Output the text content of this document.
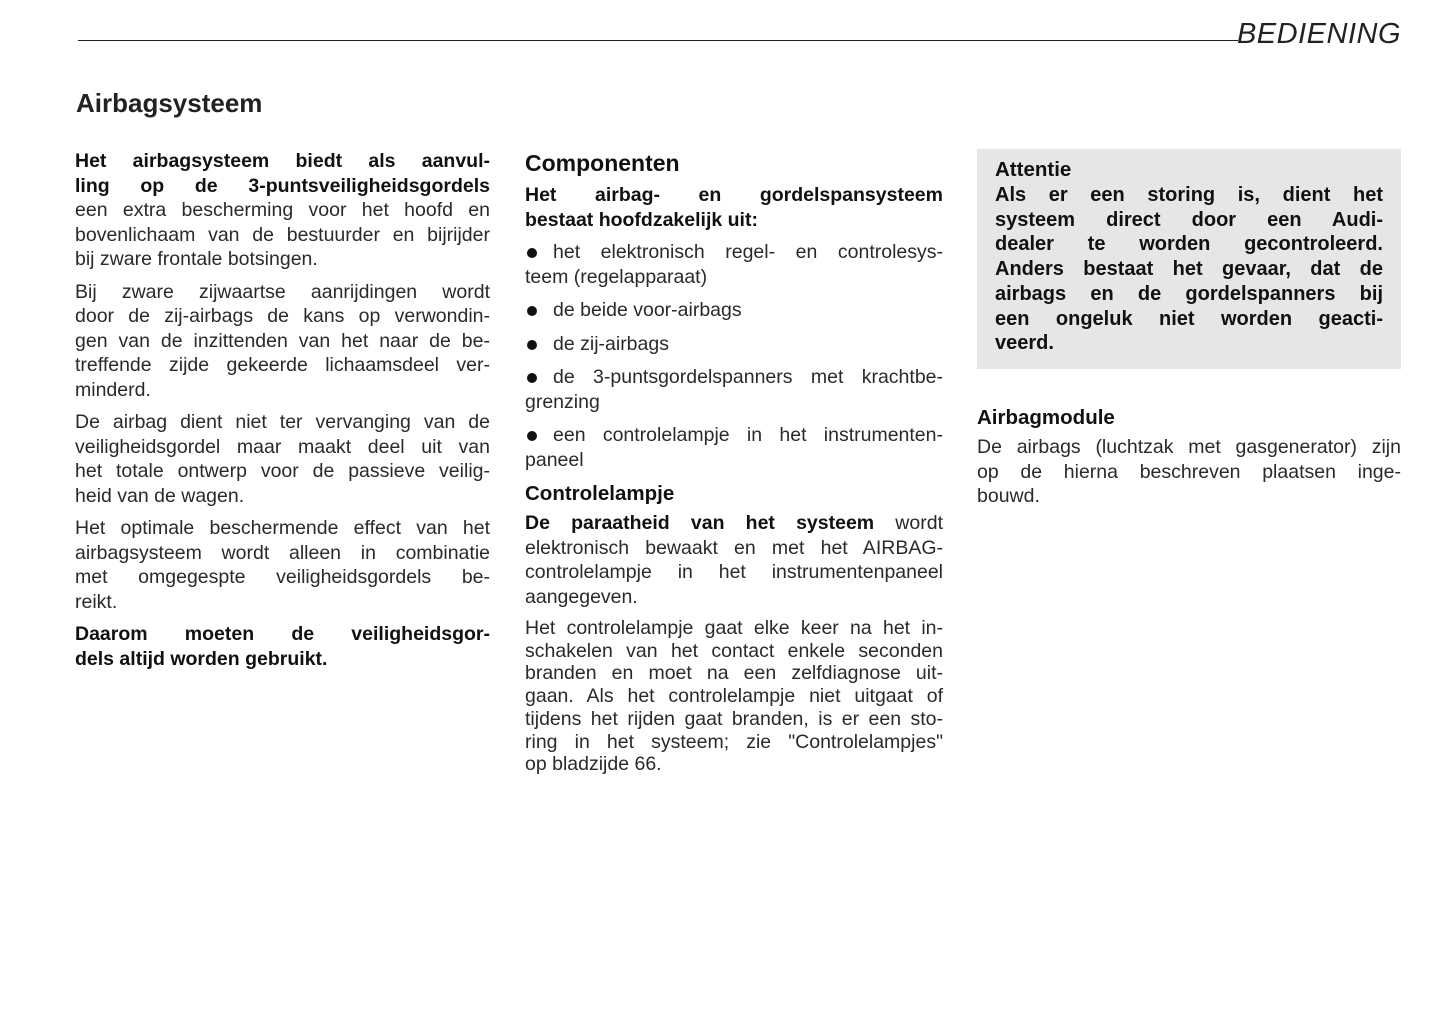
BEDIENING
Airbagsysteem
Het airbagsysteem biedt als aanvul-
ling op de 3-puntsveiligheidsgordels
een extra bescherming voor het hoofd en
bovenlichaam van de bestuurder en bijrijder
bij zware frontale botsingen.
Bij zware zijwaartse aanrijdingen wordt
door de zij-airbags de kans op verwondin-
gen van de inzittenden van het naar de be-
treffende zijde gekeerde lichaamsdeel ver-
minderd.
De airbag dient niet ter vervanging van de
veiligheidsgordel maar maakt deel uit van
het totale ontwerp voor de passieve veilig-
heid van de wagen.
Het optimale beschermende effect van het
airbagsysteem wordt alleen in combinatie
met omgegespte veiligheidsgordels be-
reikt.
Daarom moeten de veiligheidsgor-
dels altijd worden gebruikt.
Componenten
Het airbag- en gordelspansysteem
bestaat hoofdzakelijk uit:
het elektronisch regel- en controlesys-
teem (regelapparaat)
de beide voor-airbags
de zij-airbags
de 3-puntsgordelspanners met krachtbe-
grenzing
een controlelampje in het instrumenten-
paneel
Controlelampje
De paraatheid van het systeem wordt
elektronisch bewaakt en met het AIRBAG-
controlelampje in het instrumentenpaneel
aangegeven.
Het controlelampje gaat elke keer na het in-
schakelen van het contact enkele seconden
branden en moet na een zelfdiagnose uit-
gaan. Als het controlelampje niet uitgaat of
tijdens het rijden gaat branden, is er een sto-
ring in het systeem; zie "Controlelampjes"
op bladzijde 66.
Attentie
Als er een storing is, dient het
systeem direct door een Audi-
dealer te worden gecontroleerd.
Anders bestaat het gevaar, dat de
airbags en de gordelspanners bij
een ongeluk niet worden geacti-
veerd.
Airbagmodule
De airbags (luchtzak met gasgenerator) zijn
op de hierna beschreven plaatsen inge-
bouwd.
